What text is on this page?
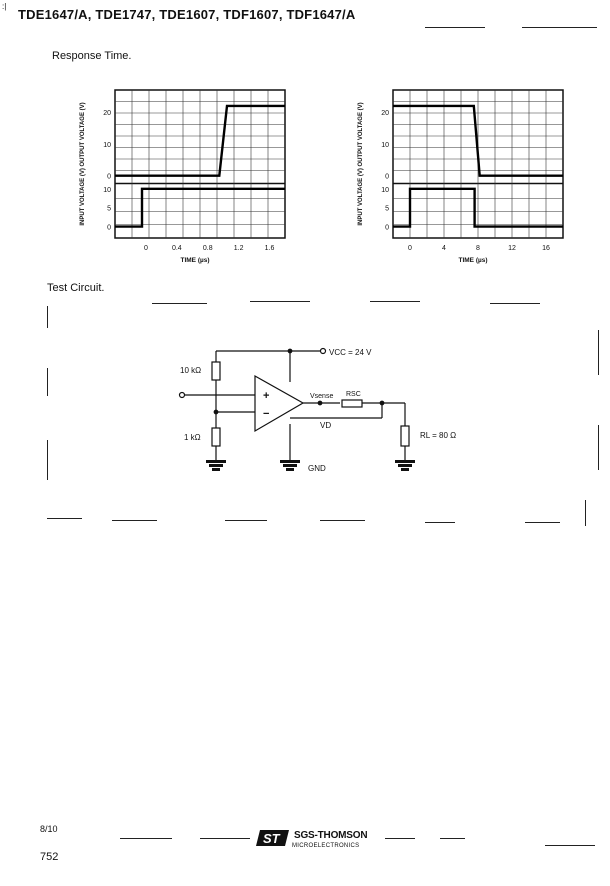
:|
TDE1647/A, TDE1747, TDE1607, TDF1607, TDF1647/A
Response Time.
0	0.4	0.8	1.2	1.6
20
10
0
10
5
0
TIME (µs)
INPUT VOLTAGE (V) OUTPUT VOLTAGE (V)
0	4	8	12	16
20
10
0
10
5
0
TIME (µs)
INPUT VOLTAGE (V) OUTPUT VOLTAGE (V)
Test Circuit.
VCC = 24 V
10 kΩ
1 kΩ
Vsense RSC
VD
RL = 80 Ω
GND
+
−
8/10
752
ST SGS-THOMSON
MICROELECTRONICS
